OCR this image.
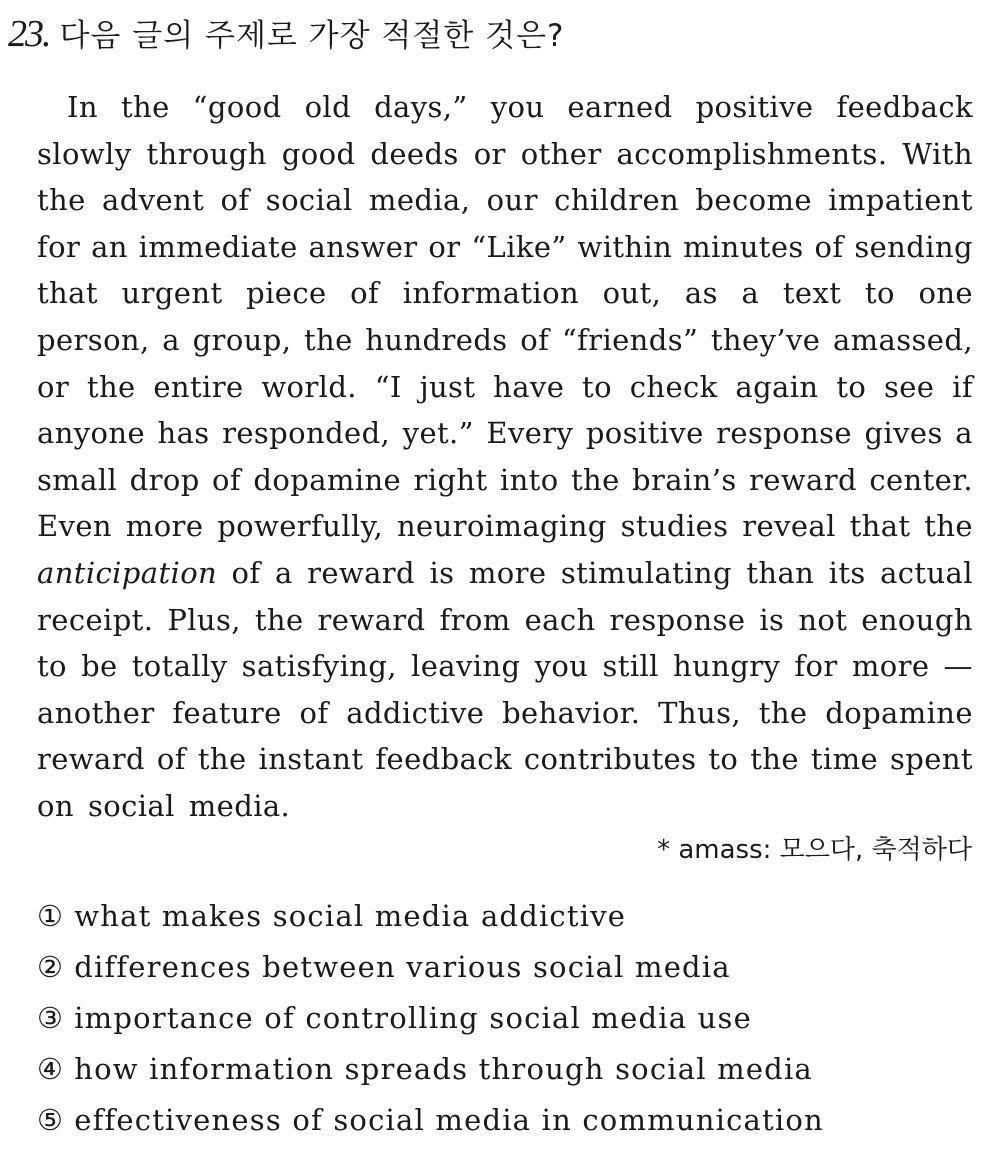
23. 다음 글의 주제로 가장 적절한 것은?
In the “good old days,” you earned positive feedback
slowly through good deeds or other accomplishments. With
the advent of social media, our children become impatient
for an immediate answer or “Like” within minutes of sending
that urgent piece of information out, as a text to one
person, a group, the hundreds of “friends” they’ve amassed,
or the entire world. “I just have to check again to see if
anyone has responded, yet.” Every positive response gives a
small drop of dopamine right into the brain’s reward center.
Even more powerfully, neuroimaging studies reveal that the
anticipation of a reward is more stimulating than its actual
receipt. Plus, the reward from each response is not enough
to be totally satisfying, leaving you still hungry for more —
another feature of addictive behavior. Thus, the dopamine
reward of the instant feedback contributes to the time spent
on social media.
* amass: 모으다, 축적하다
① what makes social media addictive
② differences between various social media
③ importance of controlling social media use
④ how information spreads through social media
⑤ effectiveness of social media in communication
